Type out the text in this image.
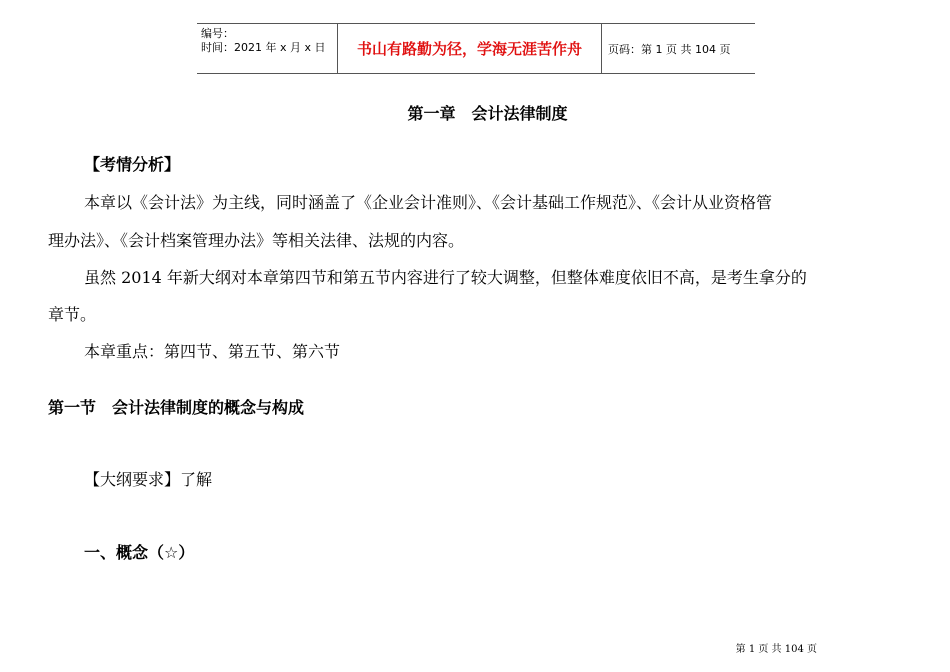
编号：
时间：2021 年 x 月 x 日	书山有路勤为径，学海无涯苦作舟	页码：第 1 页 共 104 页
第一章　会计法律制度
【考情分析】
本章以《会计法》为主线，同时涵盖了《企业会计准则》、《会计基础工作规范》、《会计从业资格管
理办法》、《会计档案管理办法》等相关法律、法规的内容。
虽然 2014 年新大纲对本章第四节和第五节内容进行了较大调整，但整体难度依旧不高，是考生拿分的
章节。
本章重点：第四节、第五节、第六节
第一节　会计法律制度的概念与构成
【大纲要求】了解
一、概念（☆）
第 1 页 共 104 页
